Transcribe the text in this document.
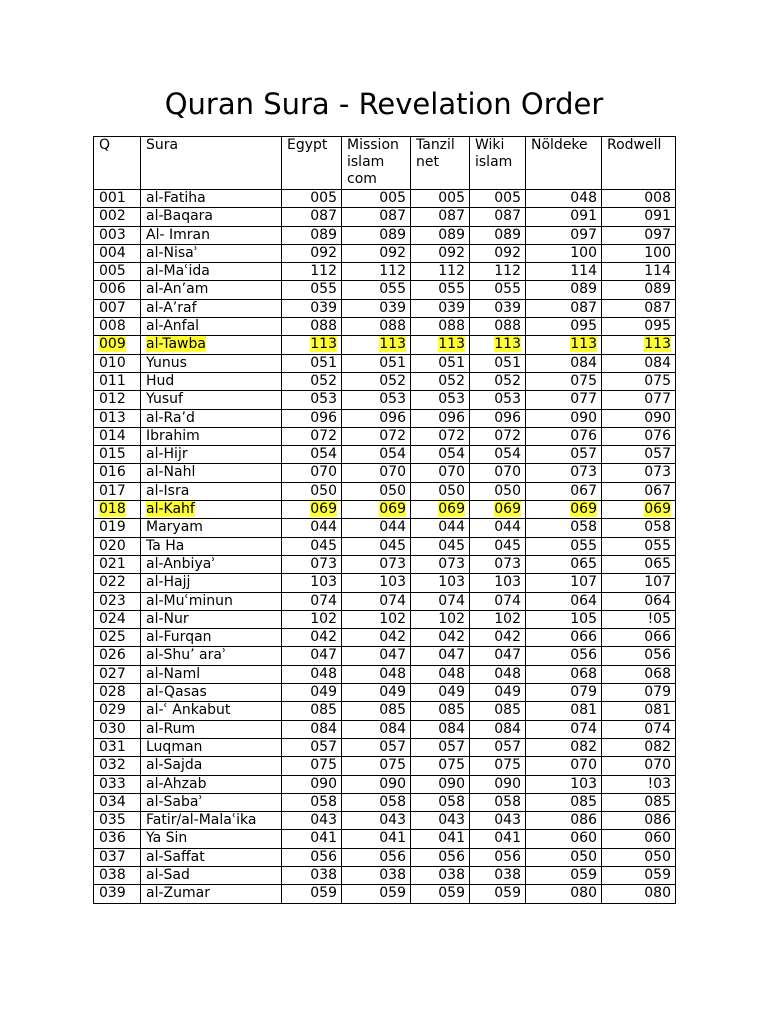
Quran Sura - Revelation Order
Q	Sura	Egypt	Mission islam com	Tanzil net	Wiki islam	Nöldeke	Rodwell
001	al-Fatiha	005	005	005	005	048	008
002	al-Baqara	087	087	087	087	091	091
003	Al- Imran	089	089	089	089	097	097
004	al-Nisaʾ	092	092	092	092	100	100
005	al-Maʿida	112	112	112	112	114	114
006	al-An’am	055	055	055	055	089	089
007	al-A’raf	039	039	039	039	087	087
008	al-Anfal	088	088	088	088	095	095
009	al-Tawba	113	113	113	113	113	113
010	Yunus	051	051	051	051	084	084
011	Hud	052	052	052	052	075	075
012	Yusuf	053	053	053	053	077	077
013	al-Ra’d	096	096	096	096	090	090
014	Ibrahim	072	072	072	072	076	076
015	al-Hijr	054	054	054	054	057	057
016	al-Nahl	070	070	070	070	073	073
017	al-Isra	050	050	050	050	067	067
018	al-Kahf	069	069	069	069	069	069
019	Maryam	044	044	044	044	058	058
020	Ta Ha	045	045	045	045	055	055
021	al-Anbiyaʾ	073	073	073	073	065	065
022	al-Hajj	103	103	103	103	107	107
023	al-Muʿminun	074	074	074	074	064	064
024	al-Nur	102	102	102	102	105	!05
025	al-Furqan	042	042	042	042	066	066
026	al-Shu’ araʾ	047	047	047	047	056	056
027	al-Naml	048	048	048	048	068	068
028	al-Qasas	049	049	049	049	079	079
029	al-ʿ Ankabut	085	085	085	085	081	081
030	al-Rum	084	084	084	084	074	074
031	Luqman	057	057	057	057	082	082
032	al-Sajda	075	075	075	075	070	070
033	al-Ahzab	090	090	090	090	103	!03
034	al-Sabaʾ	058	058	058	058	085	085
035	Fatir/al-Malaʿika	043	043	043	043	086	086
036	Ya Sin	041	041	041	041	060	060
037	al-Saffat	056	056	056	056	050	050
038	al-Sad	038	038	038	038	059	059
039	al-Zumar	059	059	059	059	080	080
